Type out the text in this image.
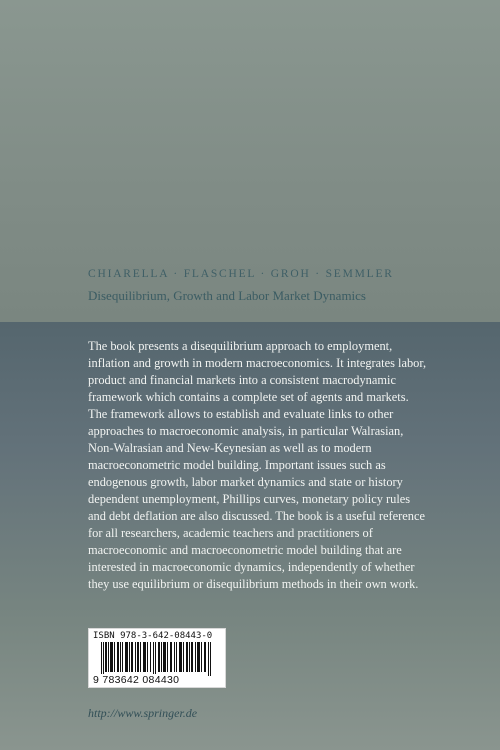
CHIARELLA · FLASCHEL · GROH · SEMMLER
Disequilibrium, Growth and Labor Market Dynamics

The book presents a disequilibrium approach to employment, inflation and growth in modern macroeconomics. It integrates labor, product and financial markets into a consistent macrodynamic framework which contains a complete set of agents and markets. The framework allows to establish and evaluate links to other approaches to macroeconomic analysis, in particular Walrasian, Non-Walrasian and New-Keynesian as well as to modern macroeconometric model building. Important issues such as endogenous growth, labor market dynamics and state or history dependent unemployment, Phillips curves, monetary policy rules and debt deflation are also discussed. The book is a useful reference for all researchers, academic teachers and practitioners of macroeconomic and macroeconometric model building that are interested in macroeconomic dynamics, independently of whether they use equilibrium or disequilibrium methods in their own work.

ISBN 978-3-642-08443-0
9 783642 084430
http://www.springer.de
